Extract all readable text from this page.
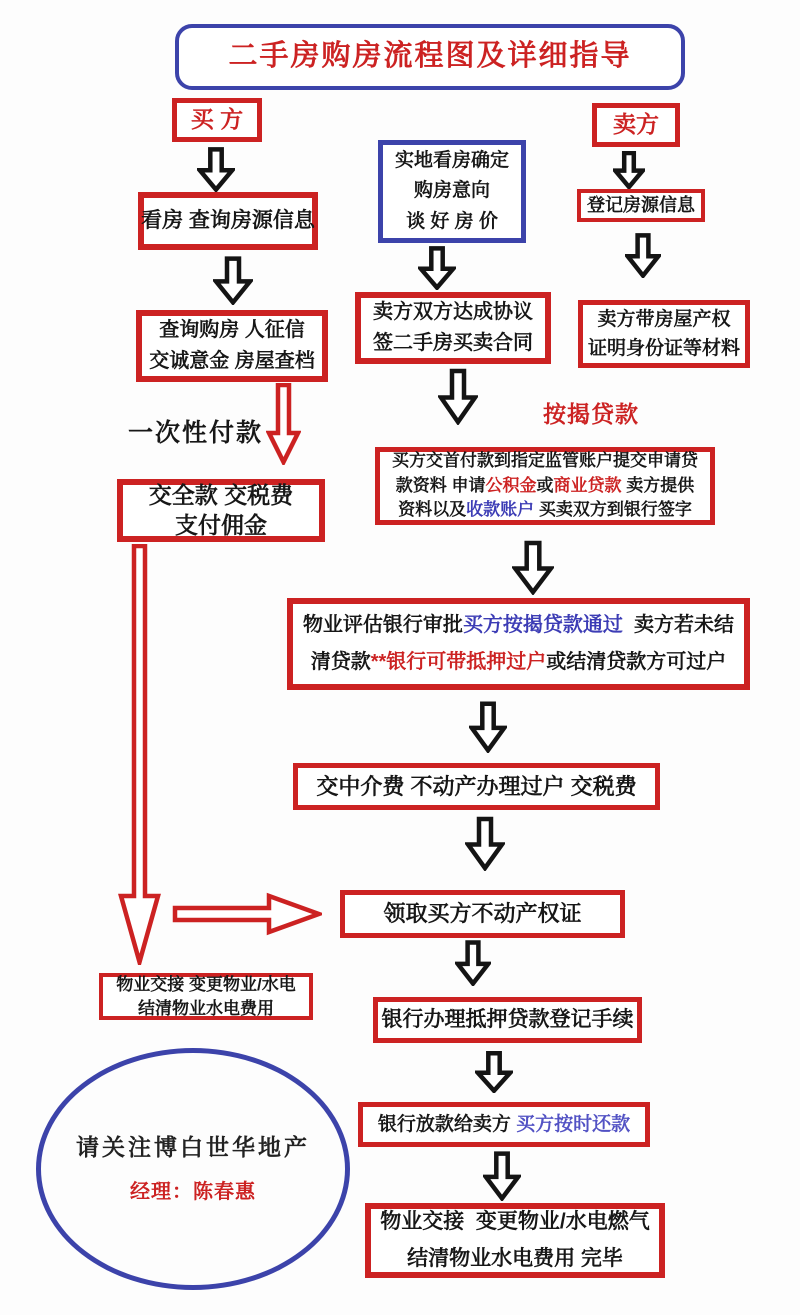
二手房购房流程图及详细指导
买 方	卖方
实地看房确定
购房意向
谈 好 房 价
看房 查询房源信息
查询购房 人征信
交诚意金 房屋查档
登记房源信息
卖方带房屋产权
证明身份证等材料
卖方双方达成协议
签二手房买卖合同
交全款 交税费
支付佣金
买方交首付款到指定监管账户提交申请贷
款资料 申请公积金或商业贷款 卖方提供
资料以及收款账户 买卖双方到银行签字
物业评估银行审批买方按揭贷款通过  卖方若未结
清贷款**银行可带抵押过户或结清贷款方可过户
交中介费 不动产办理过户 交税费
领取买方不动产权证
物业交接 变更物业/水电
结清物业水电费用	银行办理抵押贷款登记手续
银行放款给卖方 买方按时还款
物业交接  变更物业/水电燃气
结清物业水电费用 完毕
按揭贷款
一次性付款
请关注博白世华地产
经理：陈春惠
